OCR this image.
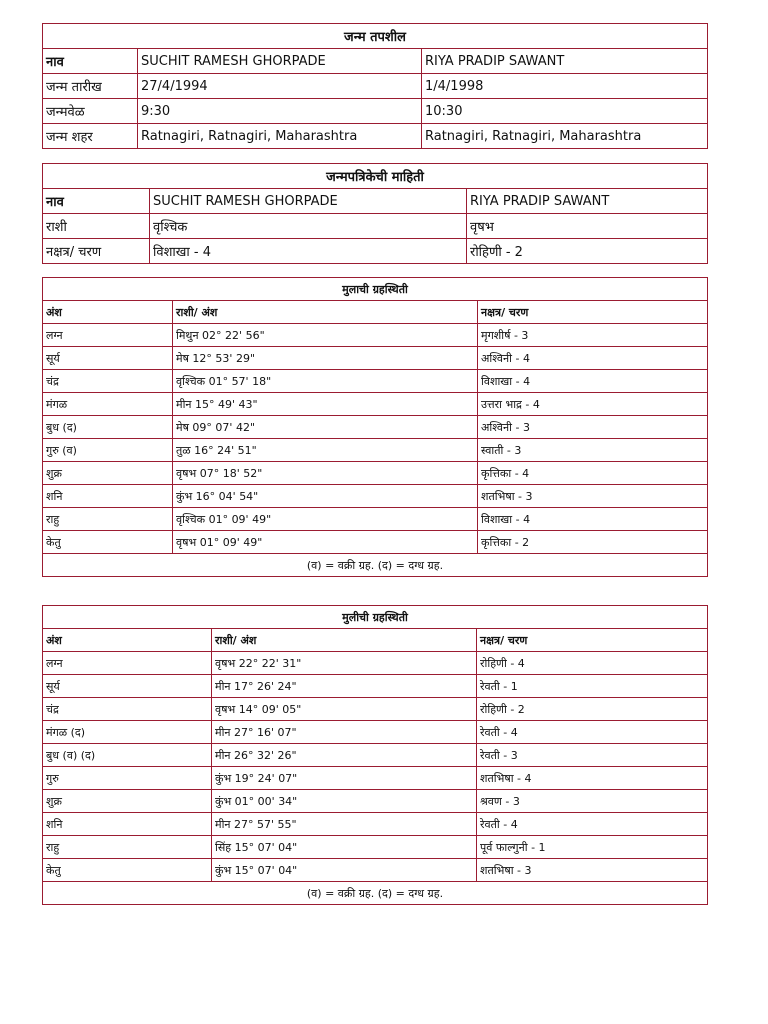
जन्म तपशील		
नाव	SUCHIT RAMESH GHORPADE	RIYA PRADIP SAWANT
जन्म तारीख	27/4/1994	1/4/1998
जन्मवेळ	9:30	10:30
जन्म शहर	Ratnagiri, Ratnagiri, Maharashtra	Ratnagiri, Ratnagiri, Maharashtra
जन्मपत्रिकेची माहिती		
नाव	SUCHIT RAMESH GHORPADE	RIYA PRADIP SAWANT
राशी	वृश्चिक	वृषभ
नक्षत्र/ चरण	विशाखा - 4	रोहिणी - 2
मुलाची ग्रहस्थिती		
अंश	राशी/ अंश	नक्षत्र/ चरण
लग्न	मिथुन 02° 22' 56"	मृगशीर्ष - 3
सूर्य	मेष 12° 53' 29"	अश्विनी - 4
चंद्र	वृश्चिक 01° 57' 18"	विशाखा - 4
मंगळ	मीन 15° 49' 43"	उत्तरा भाद्र - 4
बुध (द)	मेष 09° 07' 42"	अश्विनी - 3
गुरु (व)	तुळ 16° 24' 51"	स्वाती - 3
शुक्र	वृषभ 07° 18' 52"	कृत्तिका - 4
शनि	कुंभ 16° 04' 54"	शतभिषा - 3
राहु	वृश्चिक 01° 09' 49"	विशाखा - 4
केतु	वृषभ 01° 09' 49"	कृत्तिका - 2
(व) = वक्री ग्रह. (द) = दग्ध ग्रह.		
मुलीची ग्रहस्थिती		
अंश	राशी/ अंश	नक्षत्र/ चरण
लग्न	वृषभ 22° 22' 31"	रोहिणी - 4
सूर्य	मीन 17° 26' 24"	रेवती - 1
चंद्र	वृषभ 14° 09' 05"	रोहिणी - 2
मंगळ (द)	मीन 27° 16' 07"	रेवती - 4
बुध (व) (द)	मीन 26° 32' 26"	रेवती - 3
गुरु	कुंभ 19° 24' 07"	शतभिषा - 4
शुक्र	कुंभ 01° 00' 34"	श्रवण - 3
शनि	मीन 27° 57' 55"	रेवती - 4
राहु	सिंह 15° 07' 04"	पूर्व फाल्गुनी - 1
केतु	कुंभ 15° 07' 04"	शतभिषा - 3
(व) = वक्री ग्रह. (द) = दग्ध ग्रह.		
